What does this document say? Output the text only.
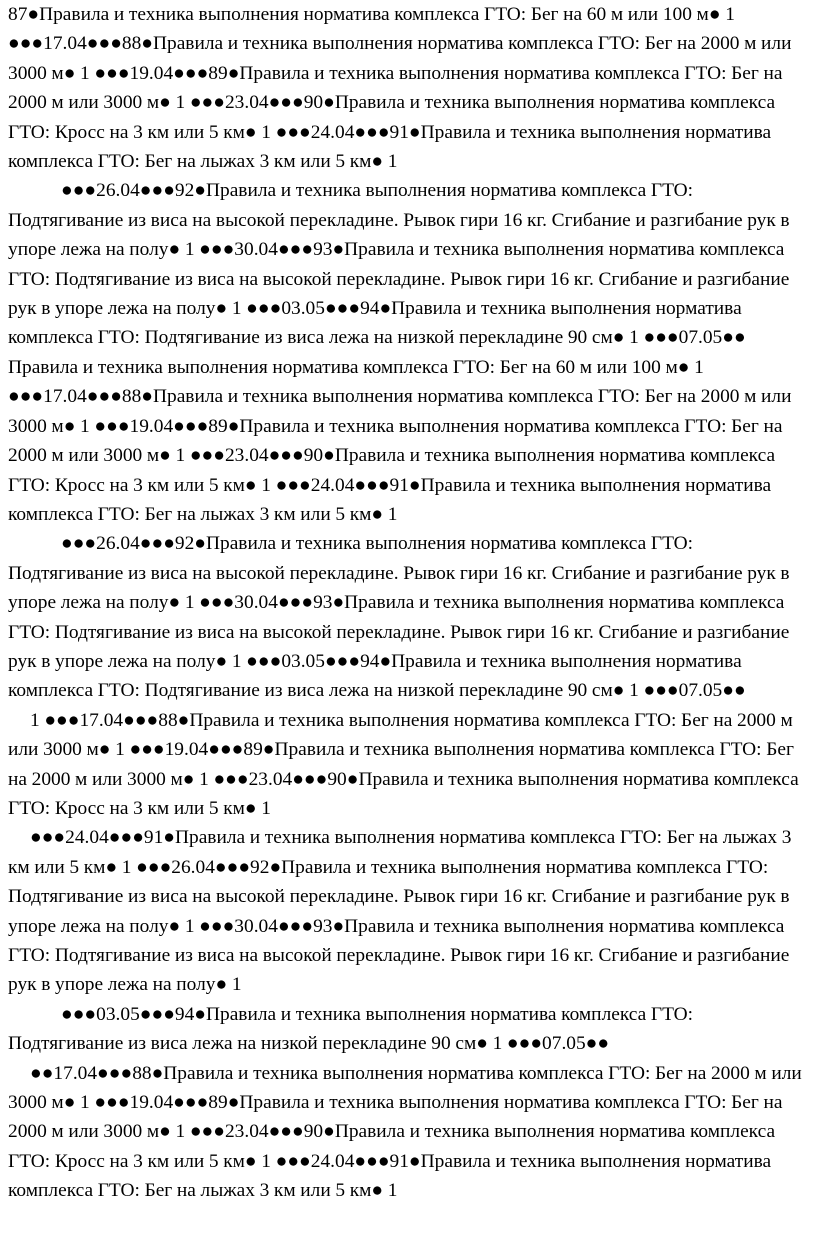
87●Правила и техника выполнения норматива комплекса ГТО: Бег на 60 м или 100 м● 1 ●●●17.04●●●88●Правила и техника выполнения норматива комплекса ГТО: Бег на 2000 м или 3000 м● 1 ●●●19.04●●●89●Правила и техника выполнения норматива комплекса ГТО: Бег на 2000 м или 3000 м● 1 ●●●23.04●●●90●Правила и техника выполнения норматива комплекса ГТО: Кросс на 3 км или 5 км● 1 ●●●24.04●●●91●Правила и техника выполнения норматива комплекса ГТО: Бег на лыжах 3 км или 5 км● 1

●●●26.04●●●92●Правила и техника выполнения норматива комплекса ГТО: Подтягивание из виса на высокой перекладине. Рывок гири 16 кг. Сгибание и разгибание рук в упоре лежа на полу● 1 ●●●30.04●●●93●Правила и техника выполнения норматива комплекса ГТО: Подтягивание из виса на высокой перекладине. Рывок гири 16 кг. Сгибание и разгибание рук в упоре лежа на полу● 1 ●●●03.05●●●94●Правила и техника выполнения норматива комплекса ГТО: Подтягивание из виса лежа на низкой перекладине 90 см● 1 ●●●07.05●●

Правила и техника выполнения норматива комплекса ГТО: Бег на 60 м или 100 м● 1 ●●●17.04●●●88●Правила и техника выполнения норматива комплекса ГТО: Бег на 2000 м или 3000 м● 1 ●●●19.04●●●89●Правила и техника выполнения норматива комплекса ГТО: Бег на 2000 м или 3000 м● 1 ●●●23.04●●●90●Правила и техника выполнения норматива комплекса ГТО: Кросс на 3 км или 5 км● 1 ●●●24.04●●●91●Правила и техника выполнения норматива комплекса ГТО: Бег на лыжах 3 км или 5 км● 1

●●●26.04●●●92●Правила и техника выполнения норматива комплекса ГТО: Подтягивание из виса на высокой перекладине. Рывок гири 16 кг. Сгибание и разгибание рук в упоре лежа на полу● 1 ●●●30.04●●●93●Правила и техника выполнения норматива комплекса ГТО: Подтягивание из виса на высокой перекладине. Рывок гири 16 кг. Сгибание и разгибание рук в упоре лежа на полу● 1 ●●●03.05●●●94●Правила и техника выполнения норматива комплекса ГТО: Подтягивание из виса лежа на низкой перекладине 90 см● 1 ●●●07.05●●

1 ●●●17.04●●●88●Правила и техника выполнения норматива комплекса ГТО: Бег на 2000 м или 3000 м● 1 ●●●19.04●●●89●Правила и техника выполнения норматива комплекса ГТО: Бег на 2000 м или 3000 м● 1 ●●●23.04●●●90●Правила и техника выполнения норматива комплекса ГТО: Кросс на 3 км или 5 км● 1

●●●24.04●●●91●Правила и техника выполнения норматива комплекса ГТО: Бег на лыжах 3 км или 5 км● 1 ●●●26.04●●●92●Правила и техника выполнения норматива комплекса ГТО: Подтягивание из виса на высокой перекладине. Рывок гири 16 кг. Сгибание и разгибание рук в упоре лежа на полу● 1 ●●●30.04●●●93●Правила и техника выполнения норматива комплекса ГТО: Подтягивание из виса на высокой перекладине. Рывок гири 16 кг. Сгибание и разгибание рук в упоре лежа на полу● 1

●●●03.05●●●94●Правила и техника выполнения норматива комплекса ГТО: Подтягивание из виса лежа на низкой перекладине 90 см● 1 ●●●07.05●●

●●17.04●●●88●Правила и техника выполнения норматива комплекса ГТО: Бег на 2000 м или 3000 м● 1 ●●●19.04●●●89●Правила и техника выполнения норматива комплекса ГТО: Бег на 2000 м или 3000 м● 1 ●●●23.04●●●90●Правила и техника выполнения норматива комплекса ГТО: Кросс на 3 км или 5 км● 1 ●●●24.04●●●91●Правила и техника выполнения норматива комплекса ГТО: Бег на лыжах 3 км или 5 км● 1
